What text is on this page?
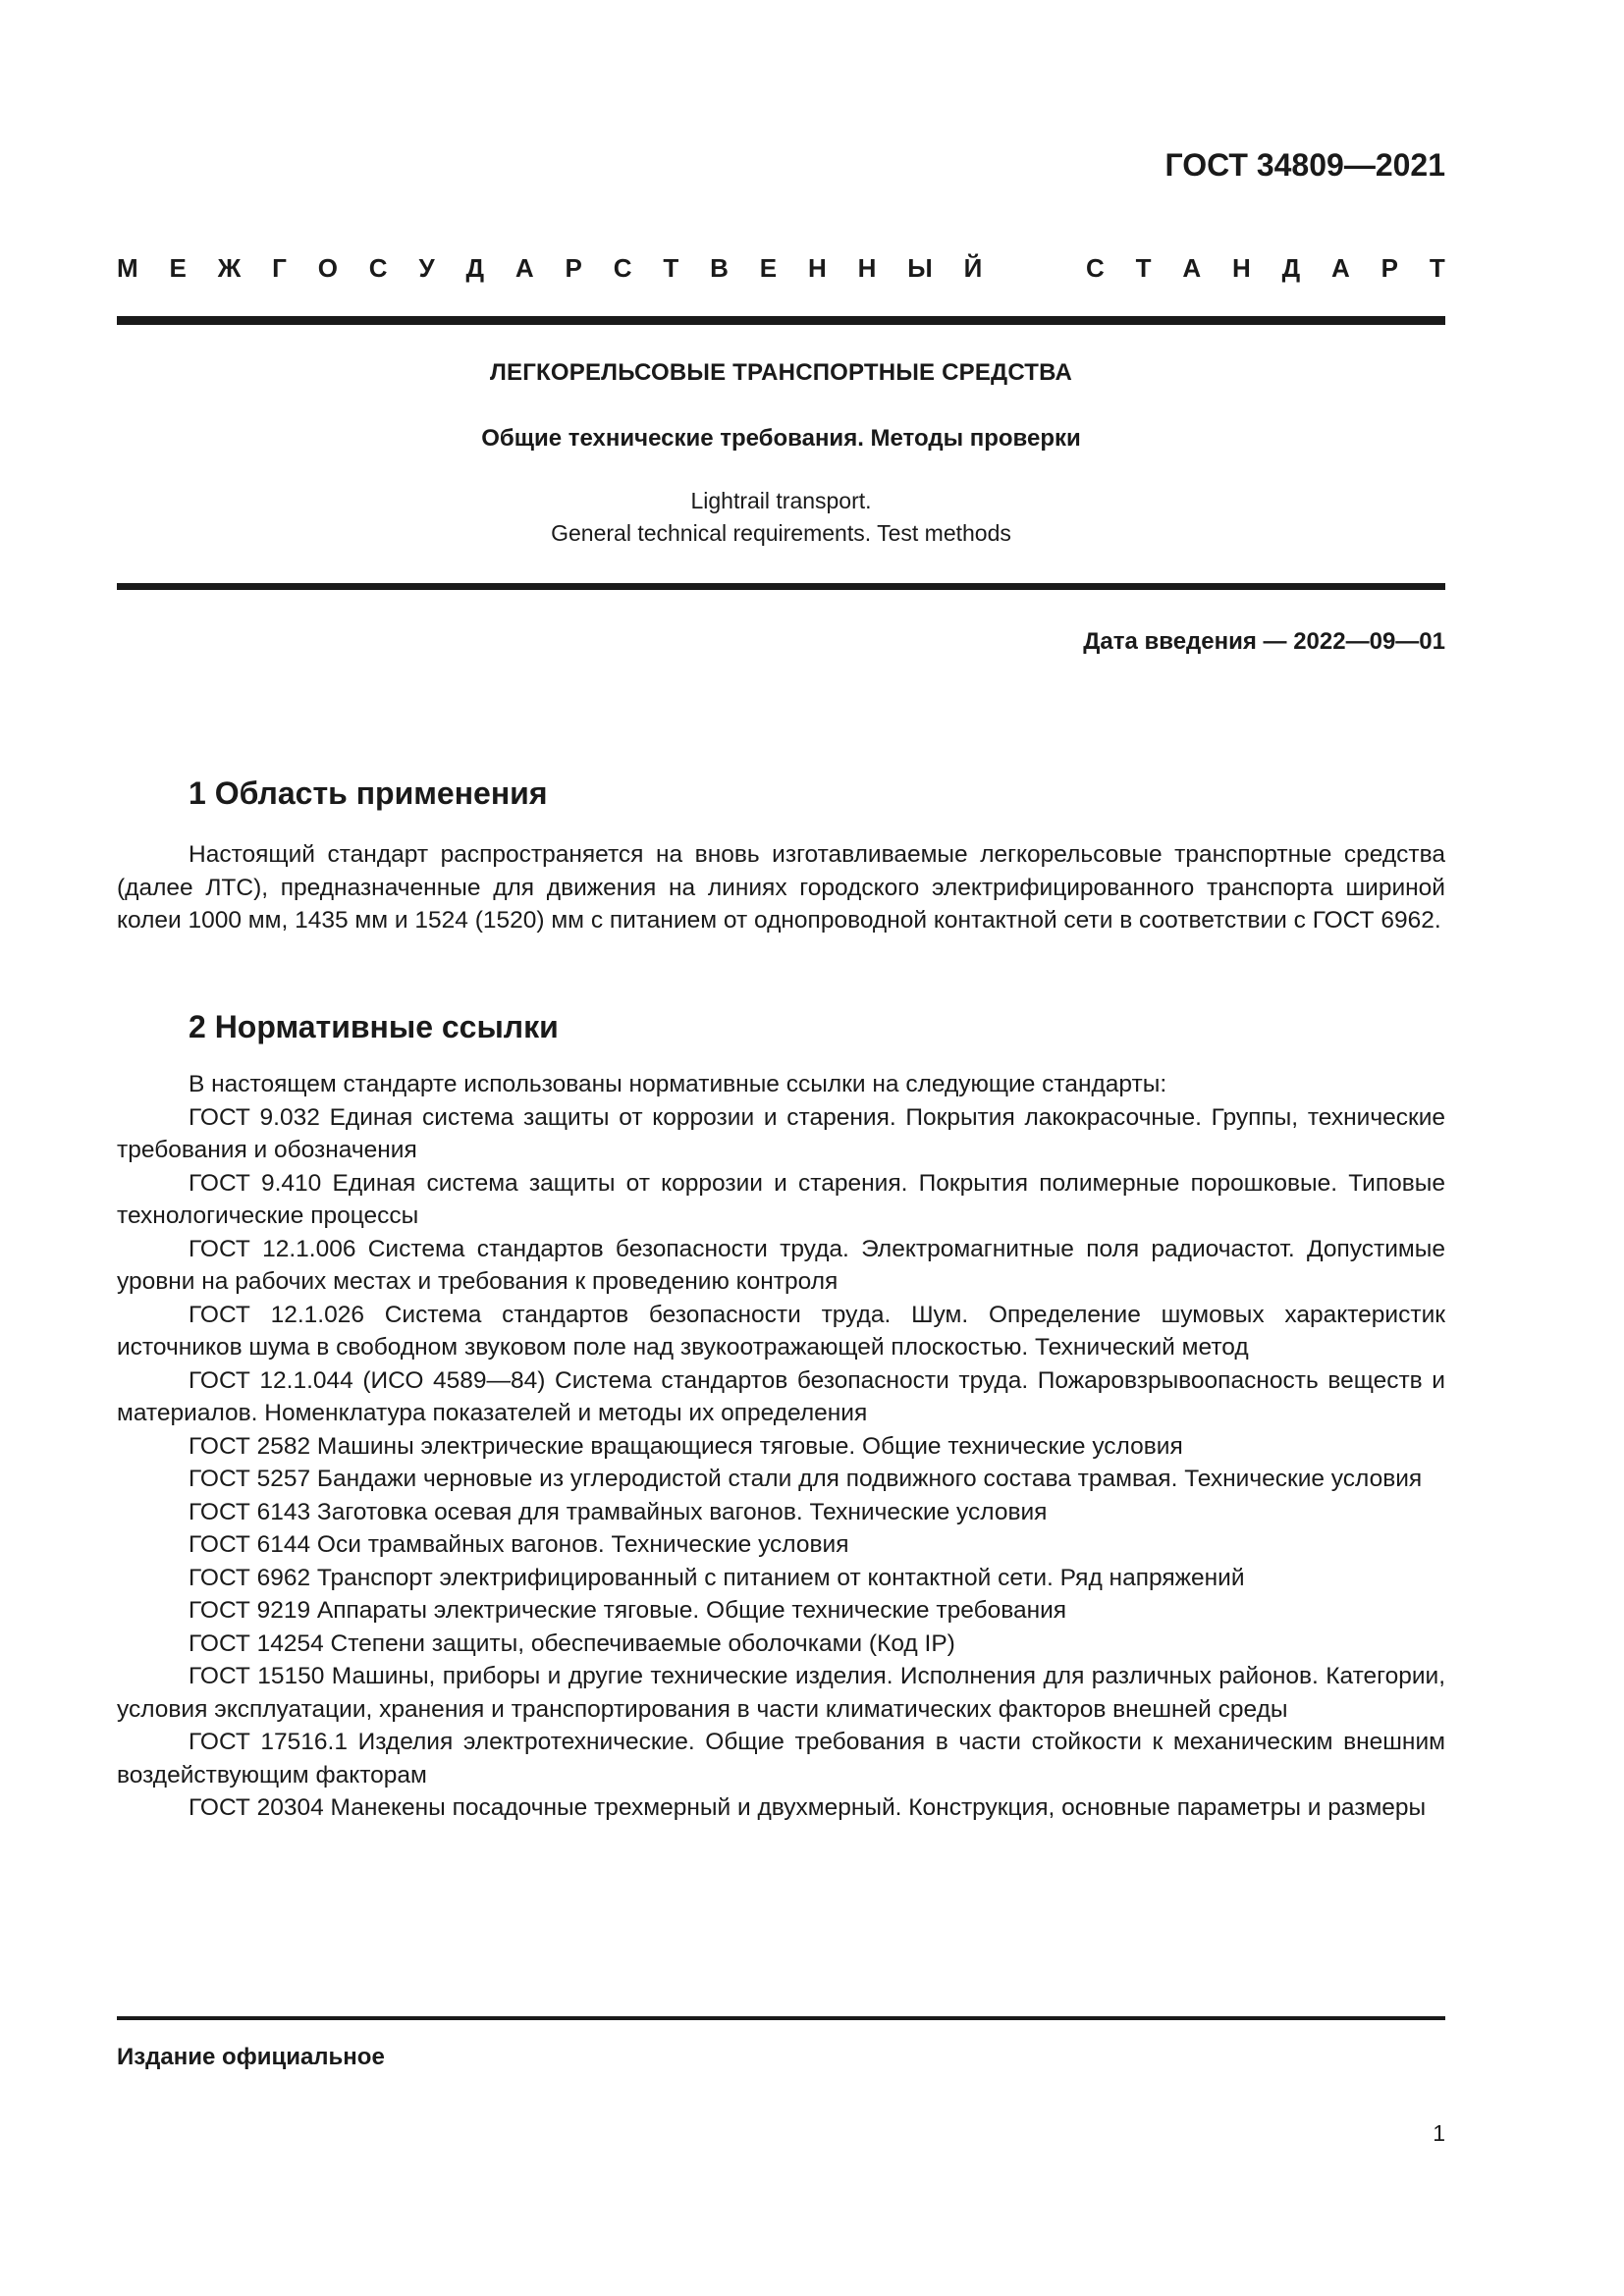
ГОСТ 34809—2021
М Е Ж Г О С У Д А Р С Т В Е Н Н Ы Й	С Т А Н Д А Р Т
ЛЕГКОРЕЛЬСОВЫЕ ТРАНСПОРТНЫЕ СРЕДСТВА
Общие технические требования. Методы проверки
Lightrail transport.
General technical requirements. Test methods
Дата введения — 2022—09—01
1 Область применения

Настоящий стандарт распространяется на вновь изготавливаемые легкорельсовые транспортные средства (далее ЛТС), предназначенные для движения на линиях городского электрифицированного транспорта шириной колеи 1000 мм, 1435 мм и 1524 (1520) мм с питанием от однопроводной контактной сети в соответствии с ГОСТ 6962.

2 Нормативные ссылки

В настоящем стандарте использованы нормативные ссылки на следующие стандарты:

ГОСТ 9.032 Единая система защиты от коррозии и старения. Покрытия лакокрасочные. Группы, технические требования и обозначения

ГОСТ 9.410 Единая система защиты от коррозии и старения. Покрытия полимерные порошковые. Типовые технологические процессы

ГОСТ 12.1.006 Система стандартов безопасности труда. Электромагнитные поля радиочастот. Допустимые уровни на рабочих местах и требования к проведению контроля

ГОСТ 12.1.026 Система стандартов безопасности труда. Шум. Определение шумовых характеристик источников шума в свободном звуковом поле над звукоотражающей плоскостью. Технический метод

ГОСТ 12.1.044 (ИСО 4589—84) Система стандартов безопасности труда. Пожаровзрывоопасность веществ и материалов. Номенклатура показателей и методы их определения

ГОСТ 2582 Машины электрические вращающиеся тяговые. Общие технические условия

ГОСТ 5257 Бандажи черновые из углеродистой стали для подвижного состава трамвая. Технические условия

ГОСТ 6143 Заготовка осевая для трамвайных вагонов. Технические условия

ГОСТ 6144 Оси трамвайных вагонов. Технические условия

ГОСТ 6962 Транспорт электрифицированный с питанием от контактной сети. Ряд напряжений

ГОСТ 9219 Аппараты электрические тяговые. Общие технические требования

ГОСТ 14254 Степени защиты, обеспечиваемые оболочками (Код IP)

ГОСТ 15150 Машины, приборы и другие технические изделия. Исполнения для различных районов. Категории, условия эксплуатации, хранения и транспортирования в части климатических факторов внешней среды

ГОСТ 17516.1 Изделия электротехнические. Общие требования в части стойкости к механическим внешним воздействующим факторам

ГОСТ 20304 Манекены посадочные трехмерный и двухмерный. Конструкция, основные параметры и размеры

Издание официальное
1
